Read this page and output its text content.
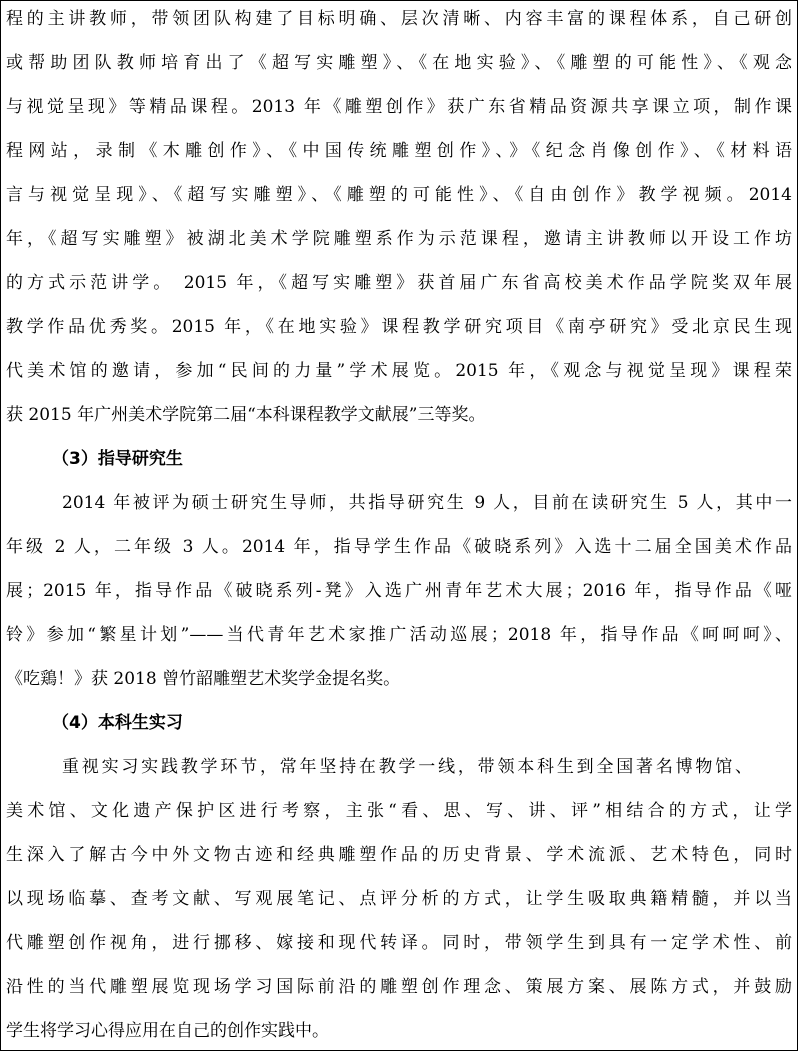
程的主讲教师，带领团队构建了目标明确、层次清晰、内容丰富的课程体系，自己研创
或帮助团队教师培育出了《超写实雕塑》、《在地实验》、《雕塑的可能性》、《观念
与视觉呈现》等精品课程。2013 年《雕塑创作》获广东省精品资源共享课立项，制作课
程网站，录制《木雕创作》、《中国传统雕塑创作》、》《纪念肖像创作》、《材料语
言与视觉呈现》、《超写实雕塑》、《雕塑的可能性》、《自由创作》教学视频。2014
年，《超写实雕塑》被湖北美术学院雕塑系作为示范课程，邀请主讲教师以开设工作坊
的方式示范讲学。 2015 年，《超写实雕塑》获首届广东省高校美术作品学院奖双年展
教学作品优秀奖。2015 年，《在地实验》课程教学研究项目《南亭研究》受北京民生现
代美术馆的邀请，参加“民间的力量”学术展览。2015 年，《观念与视觉呈现》课程荣
获 2015 年广州美术学院第二届“本科课程教学文献展”三等奖。
（3）指导研究生
2014 年被评为硕士研究生导师，共指导研究生 9 人，目前在读研究生 5 人，其中一
年级 2 人，二年级 3 人。2014 年，指导学生作品《破晓系列》入选十二届全国美术作品
展；2015 年，指导作品《破晓系列-凳》入选广州青年艺术大展；2016 年，指导作品《哑
铃》参加“繁星计划”——当代青年艺术家推广活动巡展；2018 年，指导作品《呵呵呵》、
《吃鶏！》获 2018 曾竹韶雕塑艺术奖学金提名奖。
（4）本科生实习
重视实习实践教学环节，常年坚持在教学一线，带领本科生到全国著名博物馆、
美术馆、文化遗产保护区进行考察，主张“看、思、写、讲、评”相结合的方式，让学
生深入了解古今中外文物古迹和经典雕塑作品的历史背景、学术流派、艺术特色，同时
以现场临摹、查考文献、写观展笔记、点评分析的方式，让学生吸取典籍精髓，并以当
代雕塑创作视角，进行挪移、嫁接和现代转译。同时，带领学生到具有一定学术性、前
沿性的当代雕塑展览现场学习国际前沿的雕塑创作理念、策展方案、展陈方式，并鼓励
学生将学习心得应用在自己的创作实践中。
